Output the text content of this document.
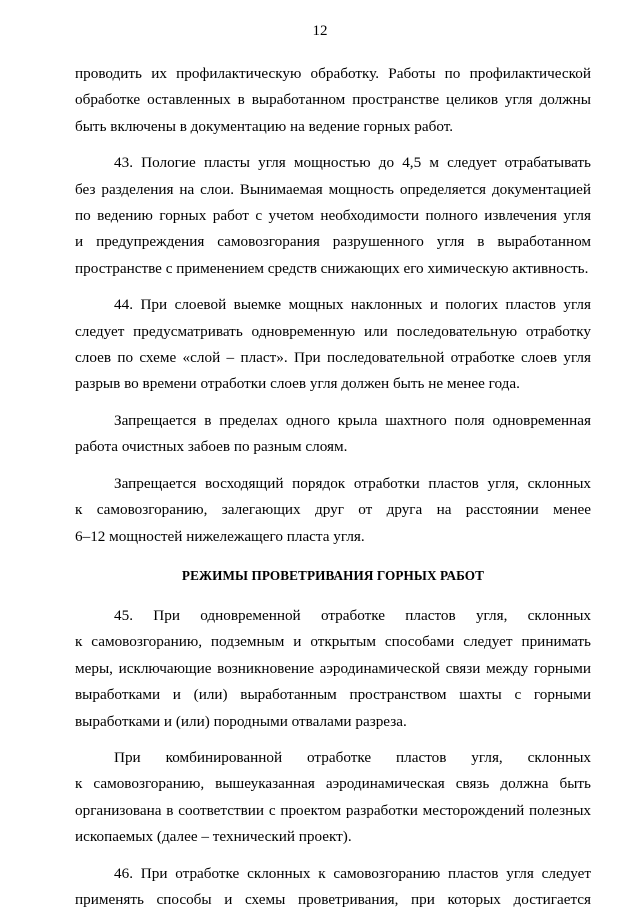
12
проводить их профилактическую обработку. Работы по профилактической
обработке оставленных в выработанном пространстве целиков угля должны
быть включены в документацию на ведение горных работ.
43. Пологие пласты угля мощностью до 4,5 м следует отрабатывать
без разделения на слои. Вынимаемая мощность определяется документацией
по ведению горных работ с учетом необходимости полного извлечения угля
и предупреждения самовозгорания разрушенного угля в выработанном
пространстве с применением средств снижающих его химическую активность.
44. При слоевой выемке мощных наклонных и пологих пластов угля
следует предусматривать одновременную или последовательную отработку
слоев по схеме «слой – пласт». При последовательной отработке слоев угля
разрыв во времени отработки слоев угля должен быть не менее года.
Запрещается в пределах одного крыла шахтного поля одновременная
работа очистных забоев по разным слоям.
Запрещается восходящий порядок отработки пластов угля, склонных
к самовозгоранию, залегающих друг от друга на расстоянии менее
6–12 мощностей нижележащего пласта угля.
РЕЖИМЫ ПРОВЕТРИВАНИЯ ГОРНЫХ РАБОТ
45. При одновременной отработке пластов угля, склонных
к самовозгоранию, подземным и открытым способами следует принимать
меры, исключающие возникновение аэродинамической связи между горными
выработками и (или) выработанным пространством шахты с горными
выработками и (или) породными отвалами разреза.
При комбинированной отработке пластов угля, склонных
к самовозгоранию, вышеуказанная аэродинамическая связь должна быть
организована в соответствии с проектом разработки месторождений полезных
ископаемых (далее – технический проект).
46. При отработке склонных к самовозгоранию пластов угля следует
применять способы и схемы проветривания, при которых достигается
